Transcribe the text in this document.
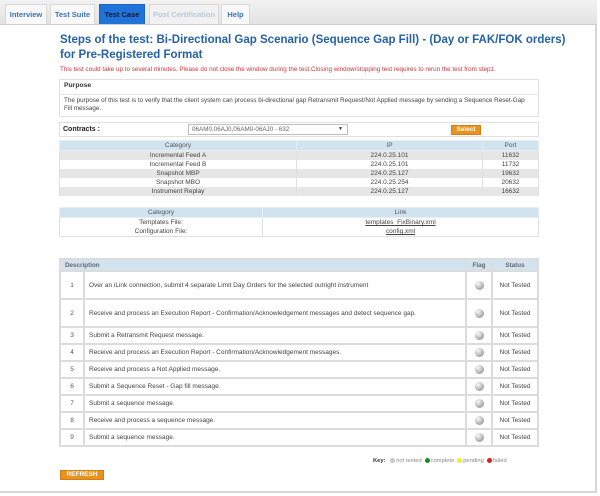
Interview	Test Suite	Test Case	Post Certification	Help
Steps of the test: Bi-Directional Gap Scenario (Sequence Gap Fill) - (Day or FAK/FOK orders) for Pre-Registered Format
This test could take up to several minutes. Please do not close the window during the test.Closing window/stopping test requires to rerun the test from step1.
Purpose
The purpose of this test is to verify that the client system can process bi-directional gap Retransmit Request/Not Applied message by sending a Sequence Reset-Gap Fill message.
Contracts :	06AM0,06AJ0,06AM0-06AJ0 - 632	▼	Select
Category	IP	Port
Incremental Feed A	224.0.25.101	11632
Incremental Feed B	224.0.25.101	11732
Snapshot MBP	224.0.25.127	19632
Snapshot MBO	224.0.25.254	20632
Instrument Replay	224.0.25.127	16632
Category	Link
Templates File:	templates_FixBinary.xml
Configuration File:	config.xml
Description		Flag	Status
1	Over an iLink connection, submit 4 separate Limit Day Orders for the selected outright instrument		Not Tested
2	Receive and process an Execution Report - Confirmation/Acknowledgement messages and detect sequence gap.		Not Tested
3	Submit a Retransmit Request message.		Not Tested
4	Receive and process an Execution Report - Confirmation/Acknowledgement messages.		Not Tested
5	Receive and process a Not Applied message.		Not Tested
6	Submit a Sequence Reset - Gap fill message.		Not Tested
7	Submit a sequence message.		Not Tested
8	Receive and process a sequence message.		Not Tested
9	Submit a sequence message.		Not Tested
Key: not tested complete pending failed
REFRESH
